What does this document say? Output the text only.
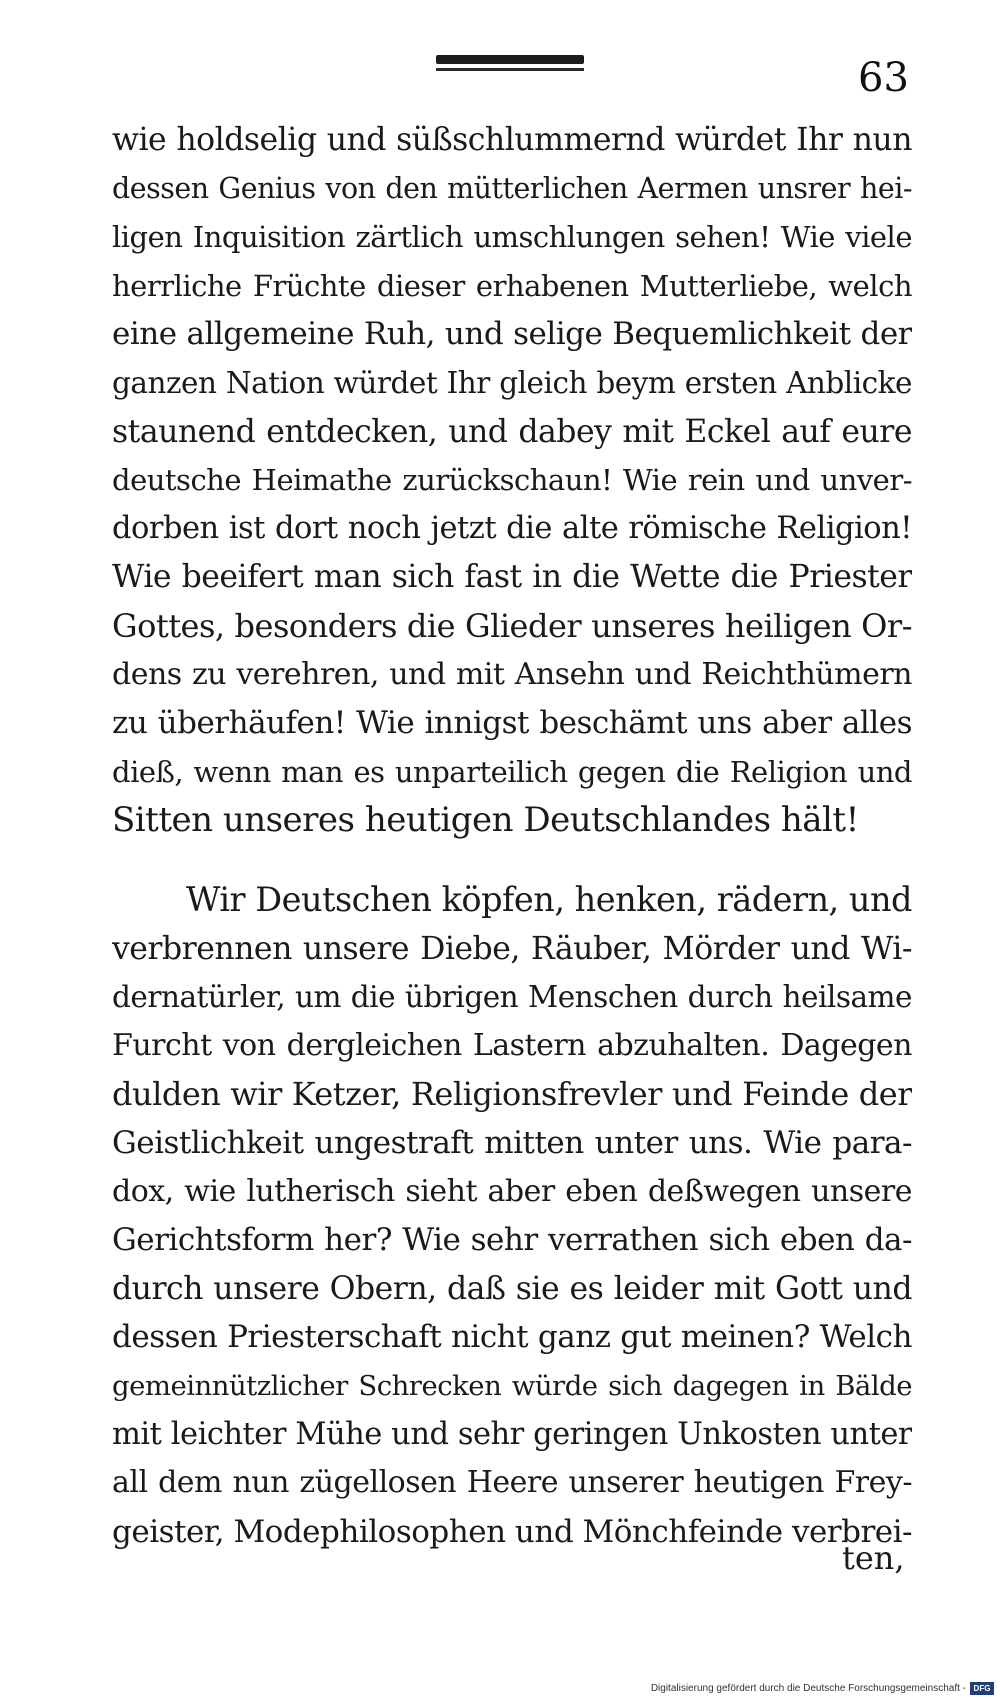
63
wie holdselig und süßschlummernd würdet Ihr nun
dessen Genius von den mütterlichen Aermen unsrer hei-
ligen Inquisition zärtlich umschlungen sehen! Wie viele
herrliche Früchte dieser erhabenen Mutterliebe, welch
eine allgemeine Ruh, und selige Bequemlichkeit der
ganzen Nation würdet Ihr gleich beym ersten Anblicke
staunend entdecken, und dabey mit Eckel auf eure
deutsche Heimathe zurückschaun! Wie rein und unver-
dorben ist dort noch jetzt die alte römische Religion!
Wie beeifert man sich fast in die Wette die Priester
Gottes, besonders die Glieder unseres heiligen Or-
dens zu verehren, und mit Ansehn und Reichthümern
zu überhäufen! Wie innigst beschämt uns aber alles
dieß, wenn man es unparteilich gegen die Religion und
Sitten unseres heutigen Deutschlandes hält!
Wir Deutschen köpfen, henken, rädern, und
verbrennen unsere Diebe, Räuber, Mörder und Wi-
dernatürler, um die übrigen Menschen durch heilsame
Furcht von dergleichen Lastern abzuhalten. Dagegen
dulden wir Ketzer, Religionsfrevler und Feinde der
Geistlichkeit ungestraft mitten unter uns. Wie para-
dox, wie lutherisch sieht aber eben deßwegen unsere
Gerichtsform her? Wie sehr verrathen sich eben da-
durch unsere Obern, daß sie es leider mit Gott und
dessen Priesterschaft nicht ganz gut meinen? Welch
gemeinnützlicher Schrecken würde sich dagegen in Bälde
mit leichter Mühe und sehr geringen Unkosten unter
all dem nun zügellosen Heere unserer heutigen Frey-
geister, Modephilosophen und Mönchfeinde verbrei-
ten,
Digitalisierung gefördert durch die Deutsche Forschungsgemeinschaft - DFG
